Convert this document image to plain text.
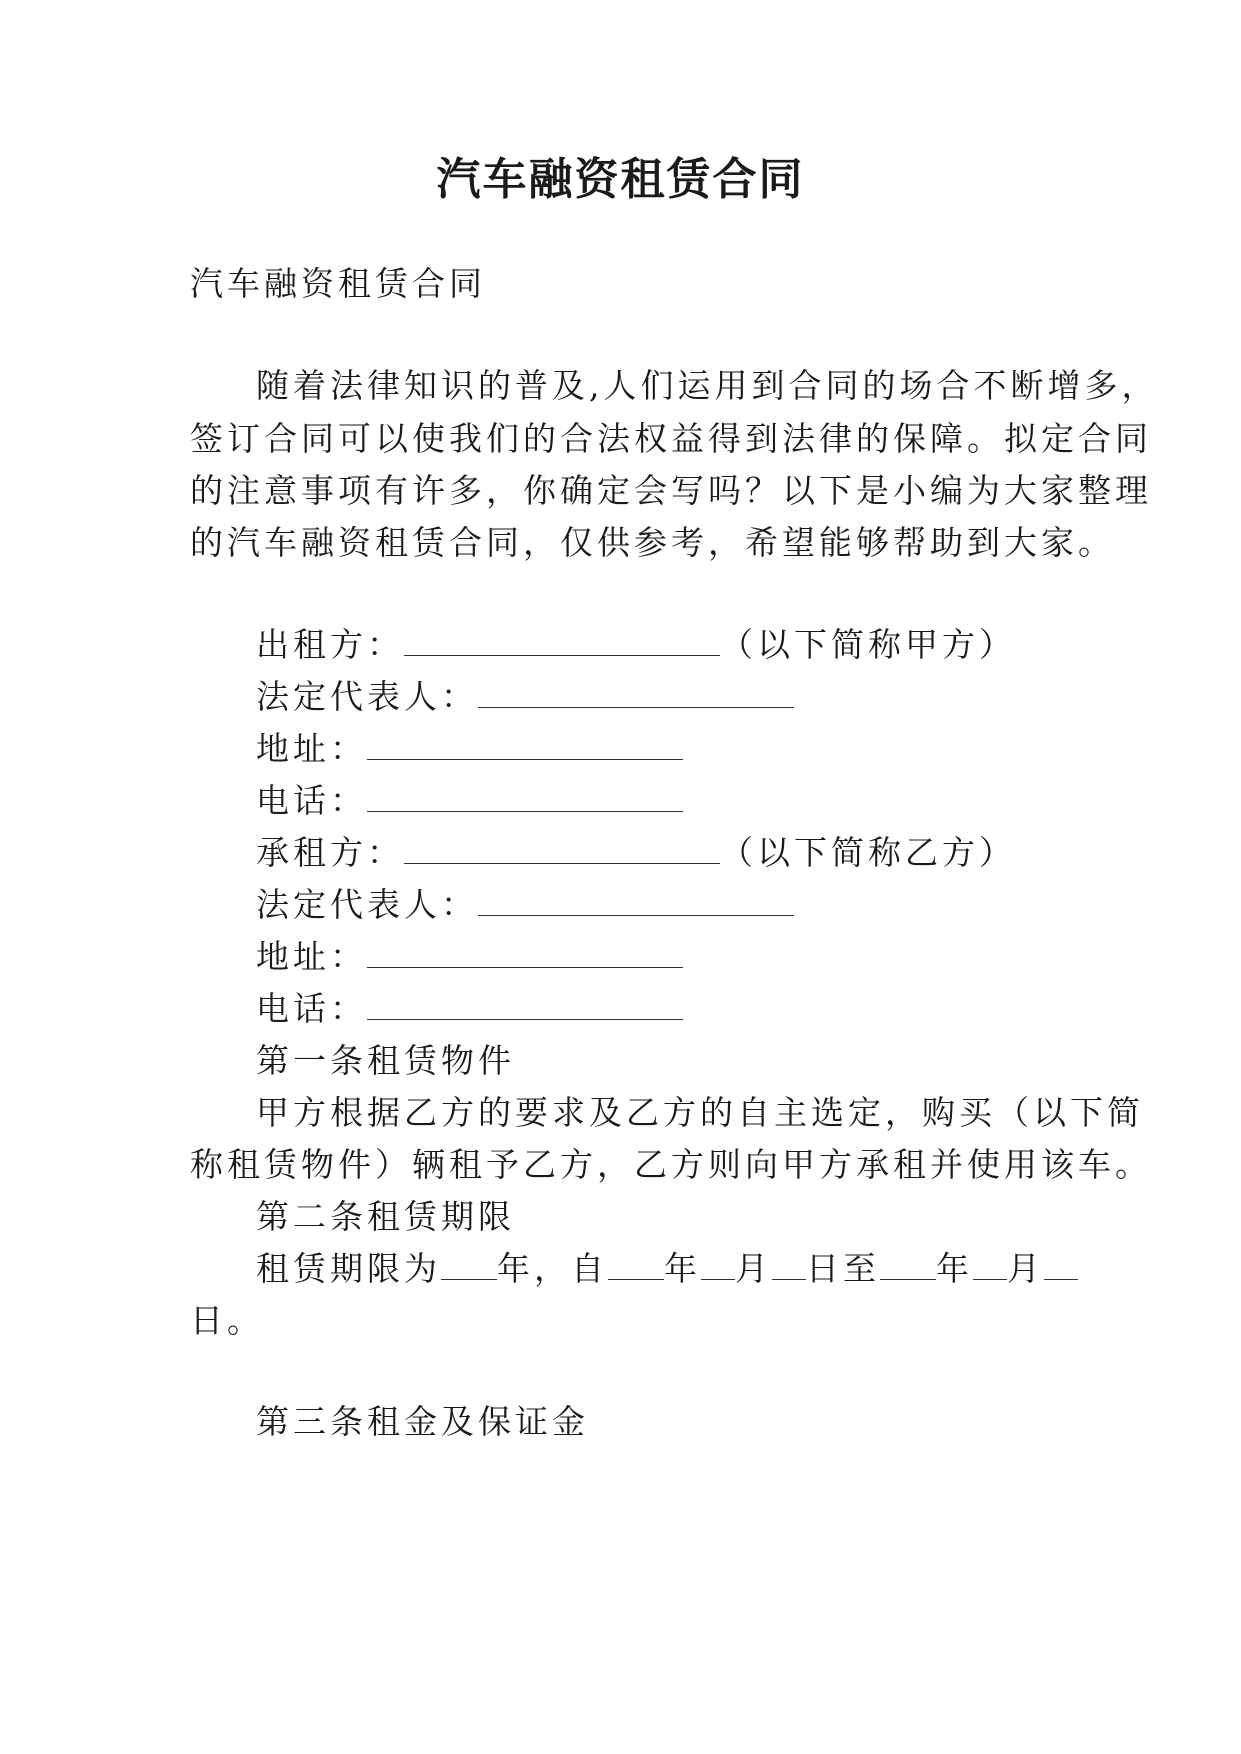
汽车融资租赁合同
汽车融资租赁合同
随着法律知识的普及,人们运用到合同的场合不断增多，
签订合同可以使我们的合法权益得到法律的保障。拟定合同
的注意事项有许多，你确定会写吗？以下是小编为大家整理
的汽车融资租赁合同，仅供参考，希望能够帮助到大家。
出租方：	（以下简称甲方）
法定代表人：
地址：
电话：
承租方：	（以下简称乙方）
法定代表人：
地址：
电话：
第一条租赁物件
甲方根据乙方的要求及乙方的自主选定，购买（以下简
称租赁物件）辆租予乙方，乙方则向甲方承租并使用该车。
第二条租赁期限
租赁期限为 年，自 年 月 日至 年 月
日。
第三条租金及保证金
